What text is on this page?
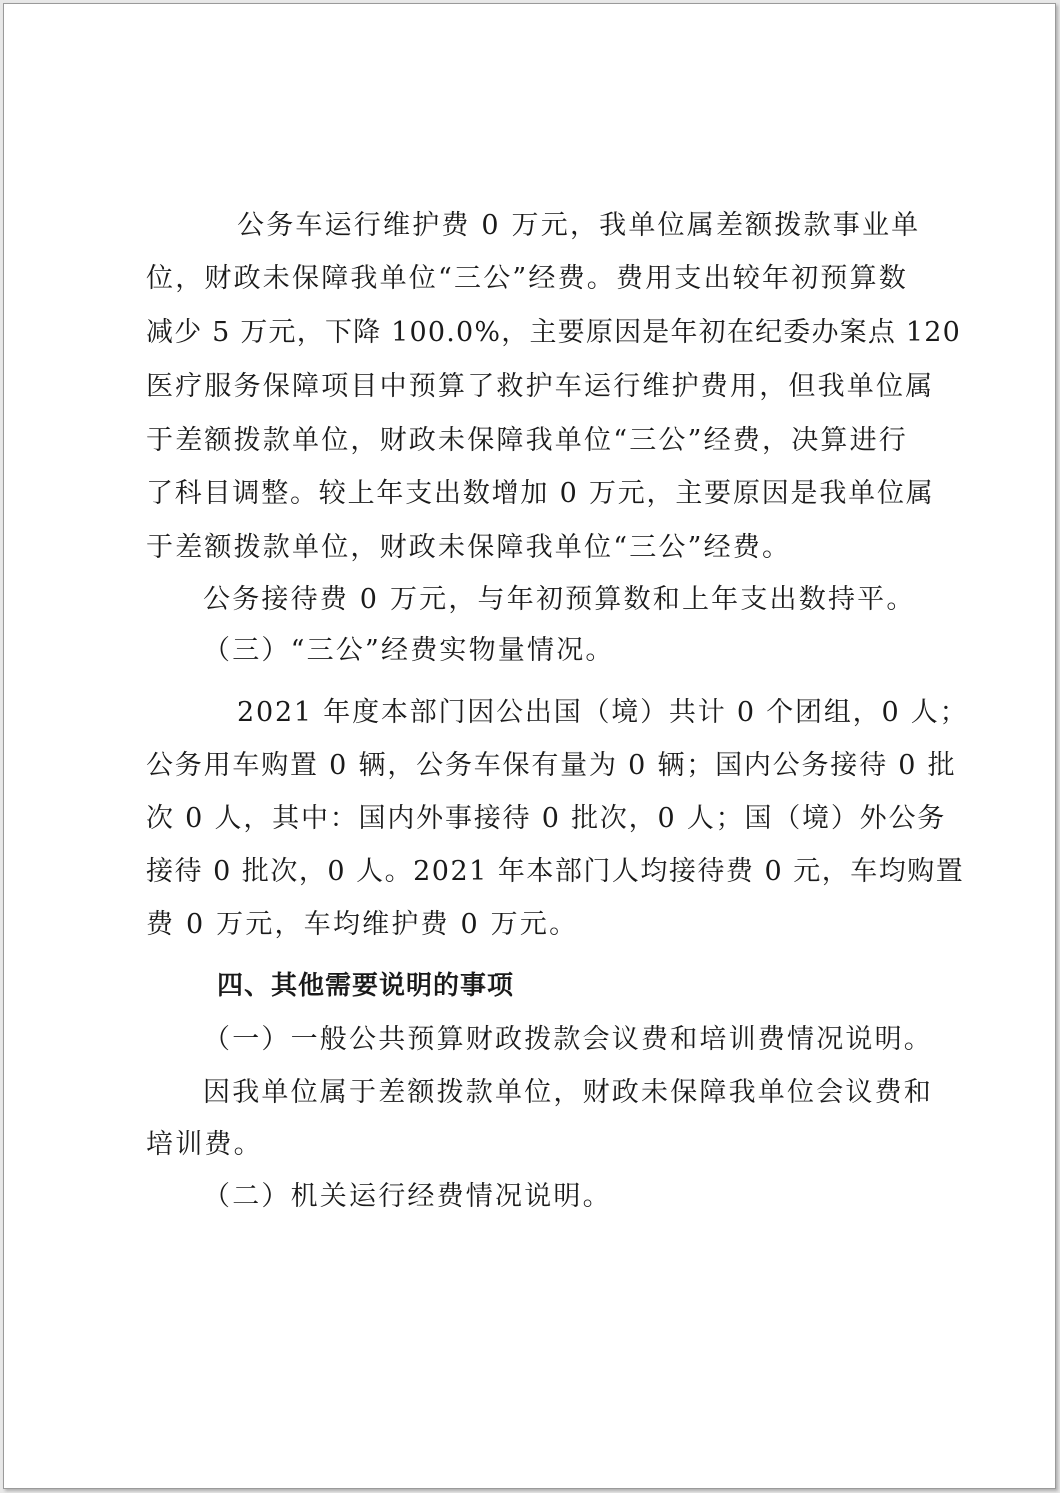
公务车运行维护费 0 万元，我单位属差额拨款事业单
位，财政未保障我单位“三公”经费。费用支出较年初预算数
减少 5 万元，下降 100.0%，主要原因是年初在纪委办案点 120
医疗服务保障项目中预算了救护车运行维护费用，但我单位属
于差额拨款单位，财政未保障我单位“三公”经费，决算进行
了科目调整。较上年支出数增加 0 万元，主要原因是我单位属
于差额拨款单位，财政未保障我单位“三公”经费。
公务接待费 0 万元，与年初预算数和上年支出数持平。
（三）“三公”经费实物量情况。
2021 年度本部门因公出国（境）共计 0 个团组，0 人；
公务用车购置 0 辆，公务车保有量为 0 辆；国内公务接待 0 批
次 0 人，其中：国内外事接待 0 批次，0 人；国（境）外公务
接待 0 批次，0 人。2021 年本部门人均接待费 0 元，车均购置
费 0 万元，车均维护费 0 万元。
四、其他需要说明的事项
（一）一般公共预算财政拨款会议费和培训费情况说明。
因我单位属于差额拨款单位，财政未保障我单位会议费和
培训费。
（二）机关运行经费情况说明。
